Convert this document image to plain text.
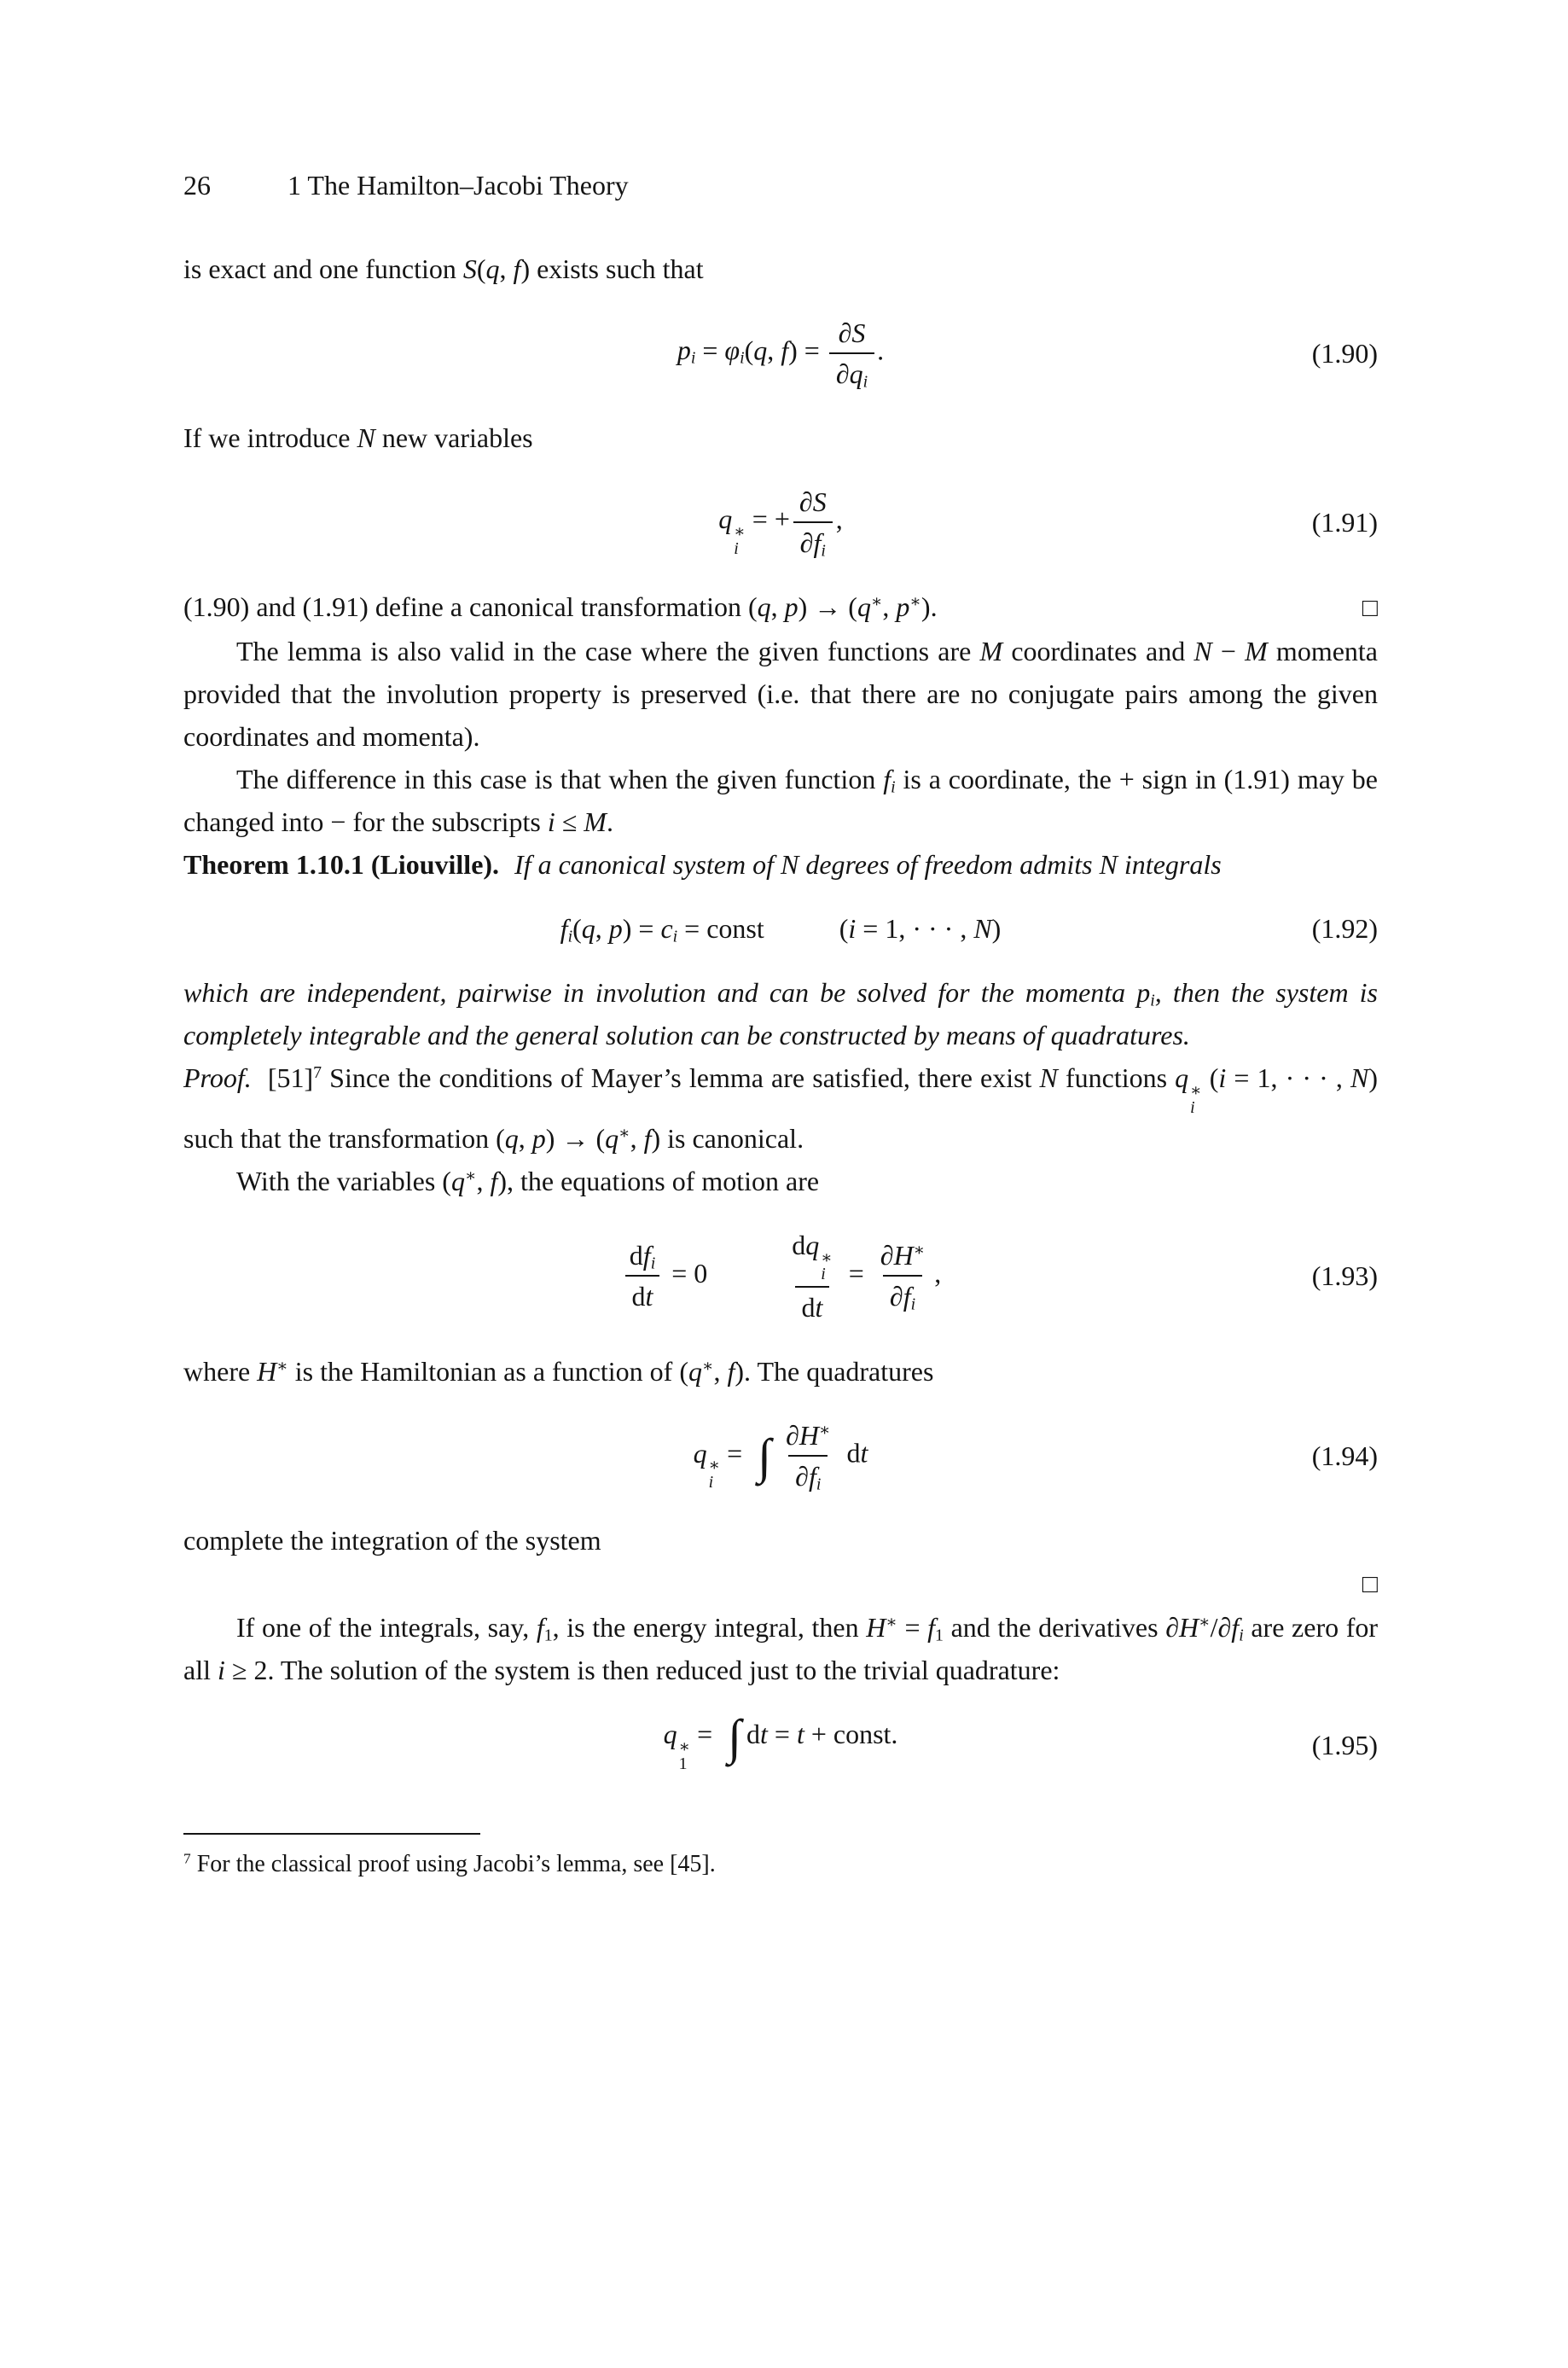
26	1 The Hamilton–Jacobi Theory

is exact and one function S(q, f) exists such that

$p_i = \varphi_i(q$, $f) = \frac{\partial S}{\partial q_i}$ .	(1.90)

If we introduce N new variables

q ∗
i
= + $\frac{\partial S}{\partial f_i}$ ,	(1.91)

(1.90) and (1.91) define a canonical transformation (q, p) → (q∗, p∗).	□

The lemma is also valid in the case where the given functions are M coordinates and N − M momenta provided that the involution property is preserved (i.e. that there are no conjugate pairs among the given coordinates and momenta).

The difference in this case is that when the given function $f_i$ is a coordinate, the + sign in (1.91) may be changed into − for the subscripts i ≤ M.

Theorem 1.10.1 (Liouville). If a canonical system of N degrees of freedom admits N integrals

$f_i(q$, $p) = c_i$ = const	(i = 1, · · · , N)	(1.92)

which are independent, pairwise in involution and can be solved for the momenta $p_i$, then the system is completely integrable and the general solution can be constructed by means of quadratures.

Proof. $[51]^7$ Since the conditions of Mayer’s lemma are satisfied, there exist N functions q ∗
i
(i = 1, · · · , N) such that the transformation (q, p) → (q∗, f) is canonical.

With the variables (q∗, f), the equations of motion are

$\frac{df_i}{dt} = 0$	dq ∗
i
dt = $\frac{\partial H^∗}{\partial f_i}$ ,	(1.93)

where H∗ is the Hamiltonian as a function of (q∗, f). The quadratures

q ∗
i
= ∫ $\frac{\partial H^∗}{\partial f_i}$ dt	(1.94)

complete the integration of the system

□

If one of the integrals, say, $f_1$, is the energy integral, then $H^∗ = f_1$ and the derivatives $\partial H^∗/\partial f_i$ are zero for all i ≥ 2. The solution of the system is then reduced just to the trivial quadrature:

q ∗
1
= ∫ dt = t + const.	(1.95)

$^7$ For the classical proof using Jacobi’s lemma, see [45].
